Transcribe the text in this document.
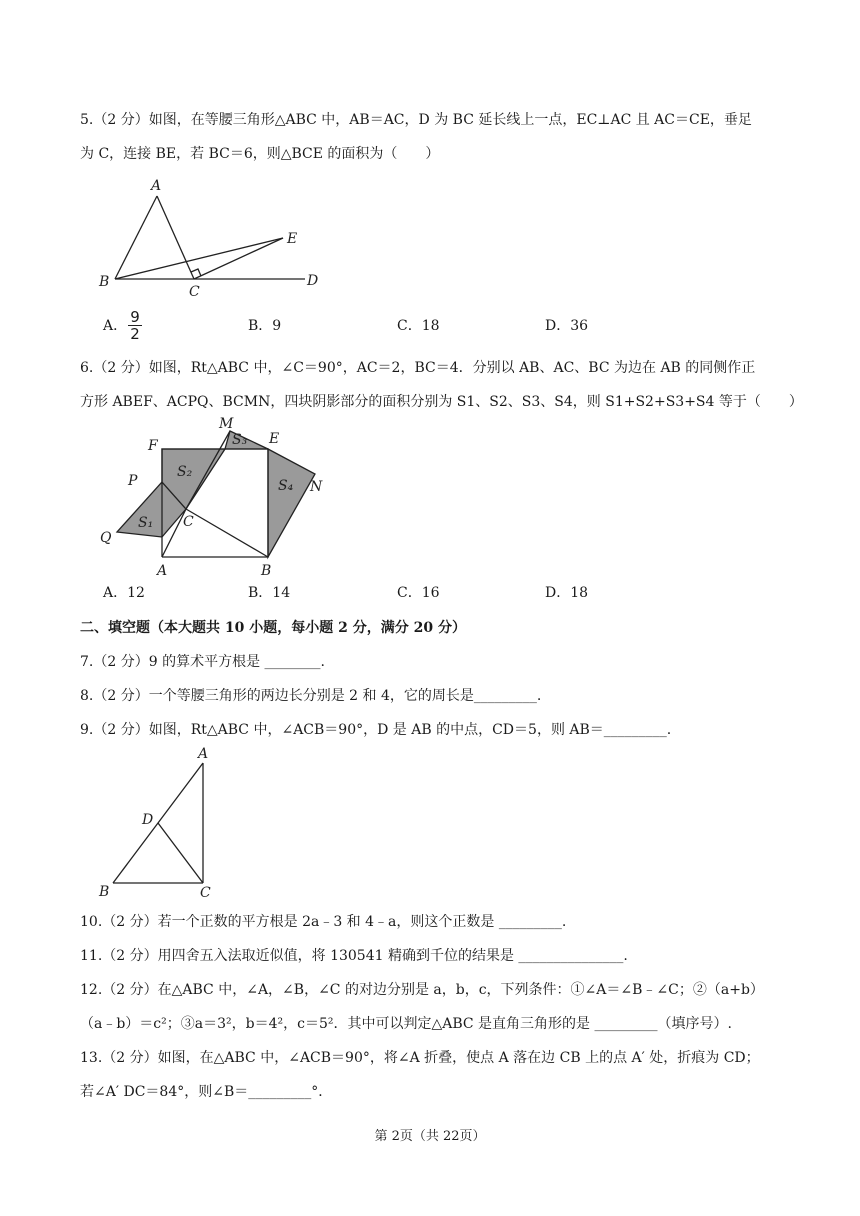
5.（2 分）如图，在等腰三角形△ABC 中，AB＝AC，D 为 BC 延长线上一点，EC⊥AC 且 AC＝CE，垂足
为 C，连接 BE，若 BC＝6，则△BCE 的面积为（　　）
A
B
C
D
E
A． $\frac{9}{2}$	B．9	C．18	D．36
6.（2 分）如图，Rt△ABC 中，∠C＝90°，AC＝2，BC＝4．分别以 AB、AC、BC 为边在 AB 的同侧作正
方形 ABEF、ACPQ、BCMN，四块阴影部分的面积分别为 S1、S2、S3、S4，则 S1+S2+S3+S4 等于（　　）
F
M
S₃ E
S₂
S₄ N
P
S₁ C
Q
A	B
A．12	B．14	C．16	D．18
二、填空题（本大题共 10 小题，每小题 2 分，满分 20 分）
7.（2 分）9 的算术平方根是 ________.
8.（2 分）一个等腰三角形的两边长分别是 2 和 4，它的周长是_________.
9.（2 分）如图，Rt△ABC 中，∠ACB＝90°，D 是 AB 的中点，CD＝5，则 AB＝_________.
A
D
B	C
10.（2 分）若一个正数的平方根是 2a﹣3 和 4﹣a，则这个正数是 _________.
11.（2 分）用四舍五入法取近似值，将 130541 精确到千位的结果是 _______________.
12.（2 分）在△ABC 中，∠A，∠B，∠C 的对边分别是 a，b，c，下列条件：①∠A＝∠B﹣∠C；②（a+b）
（a﹣b）＝c²；③a＝3²，b＝4²，c＝5²．其中可以判定△ABC 是直角三角形的是 _________（填序号）.
13.（2 分）如图，在△ABC 中，∠ACB＝90°，将∠A 折叠，使点 A 落在边 CB 上的点 A′ 处，折痕为 CD；
若∠A′ DC＝84°，则∠B＝_________°．
第 2页（共 22页）
